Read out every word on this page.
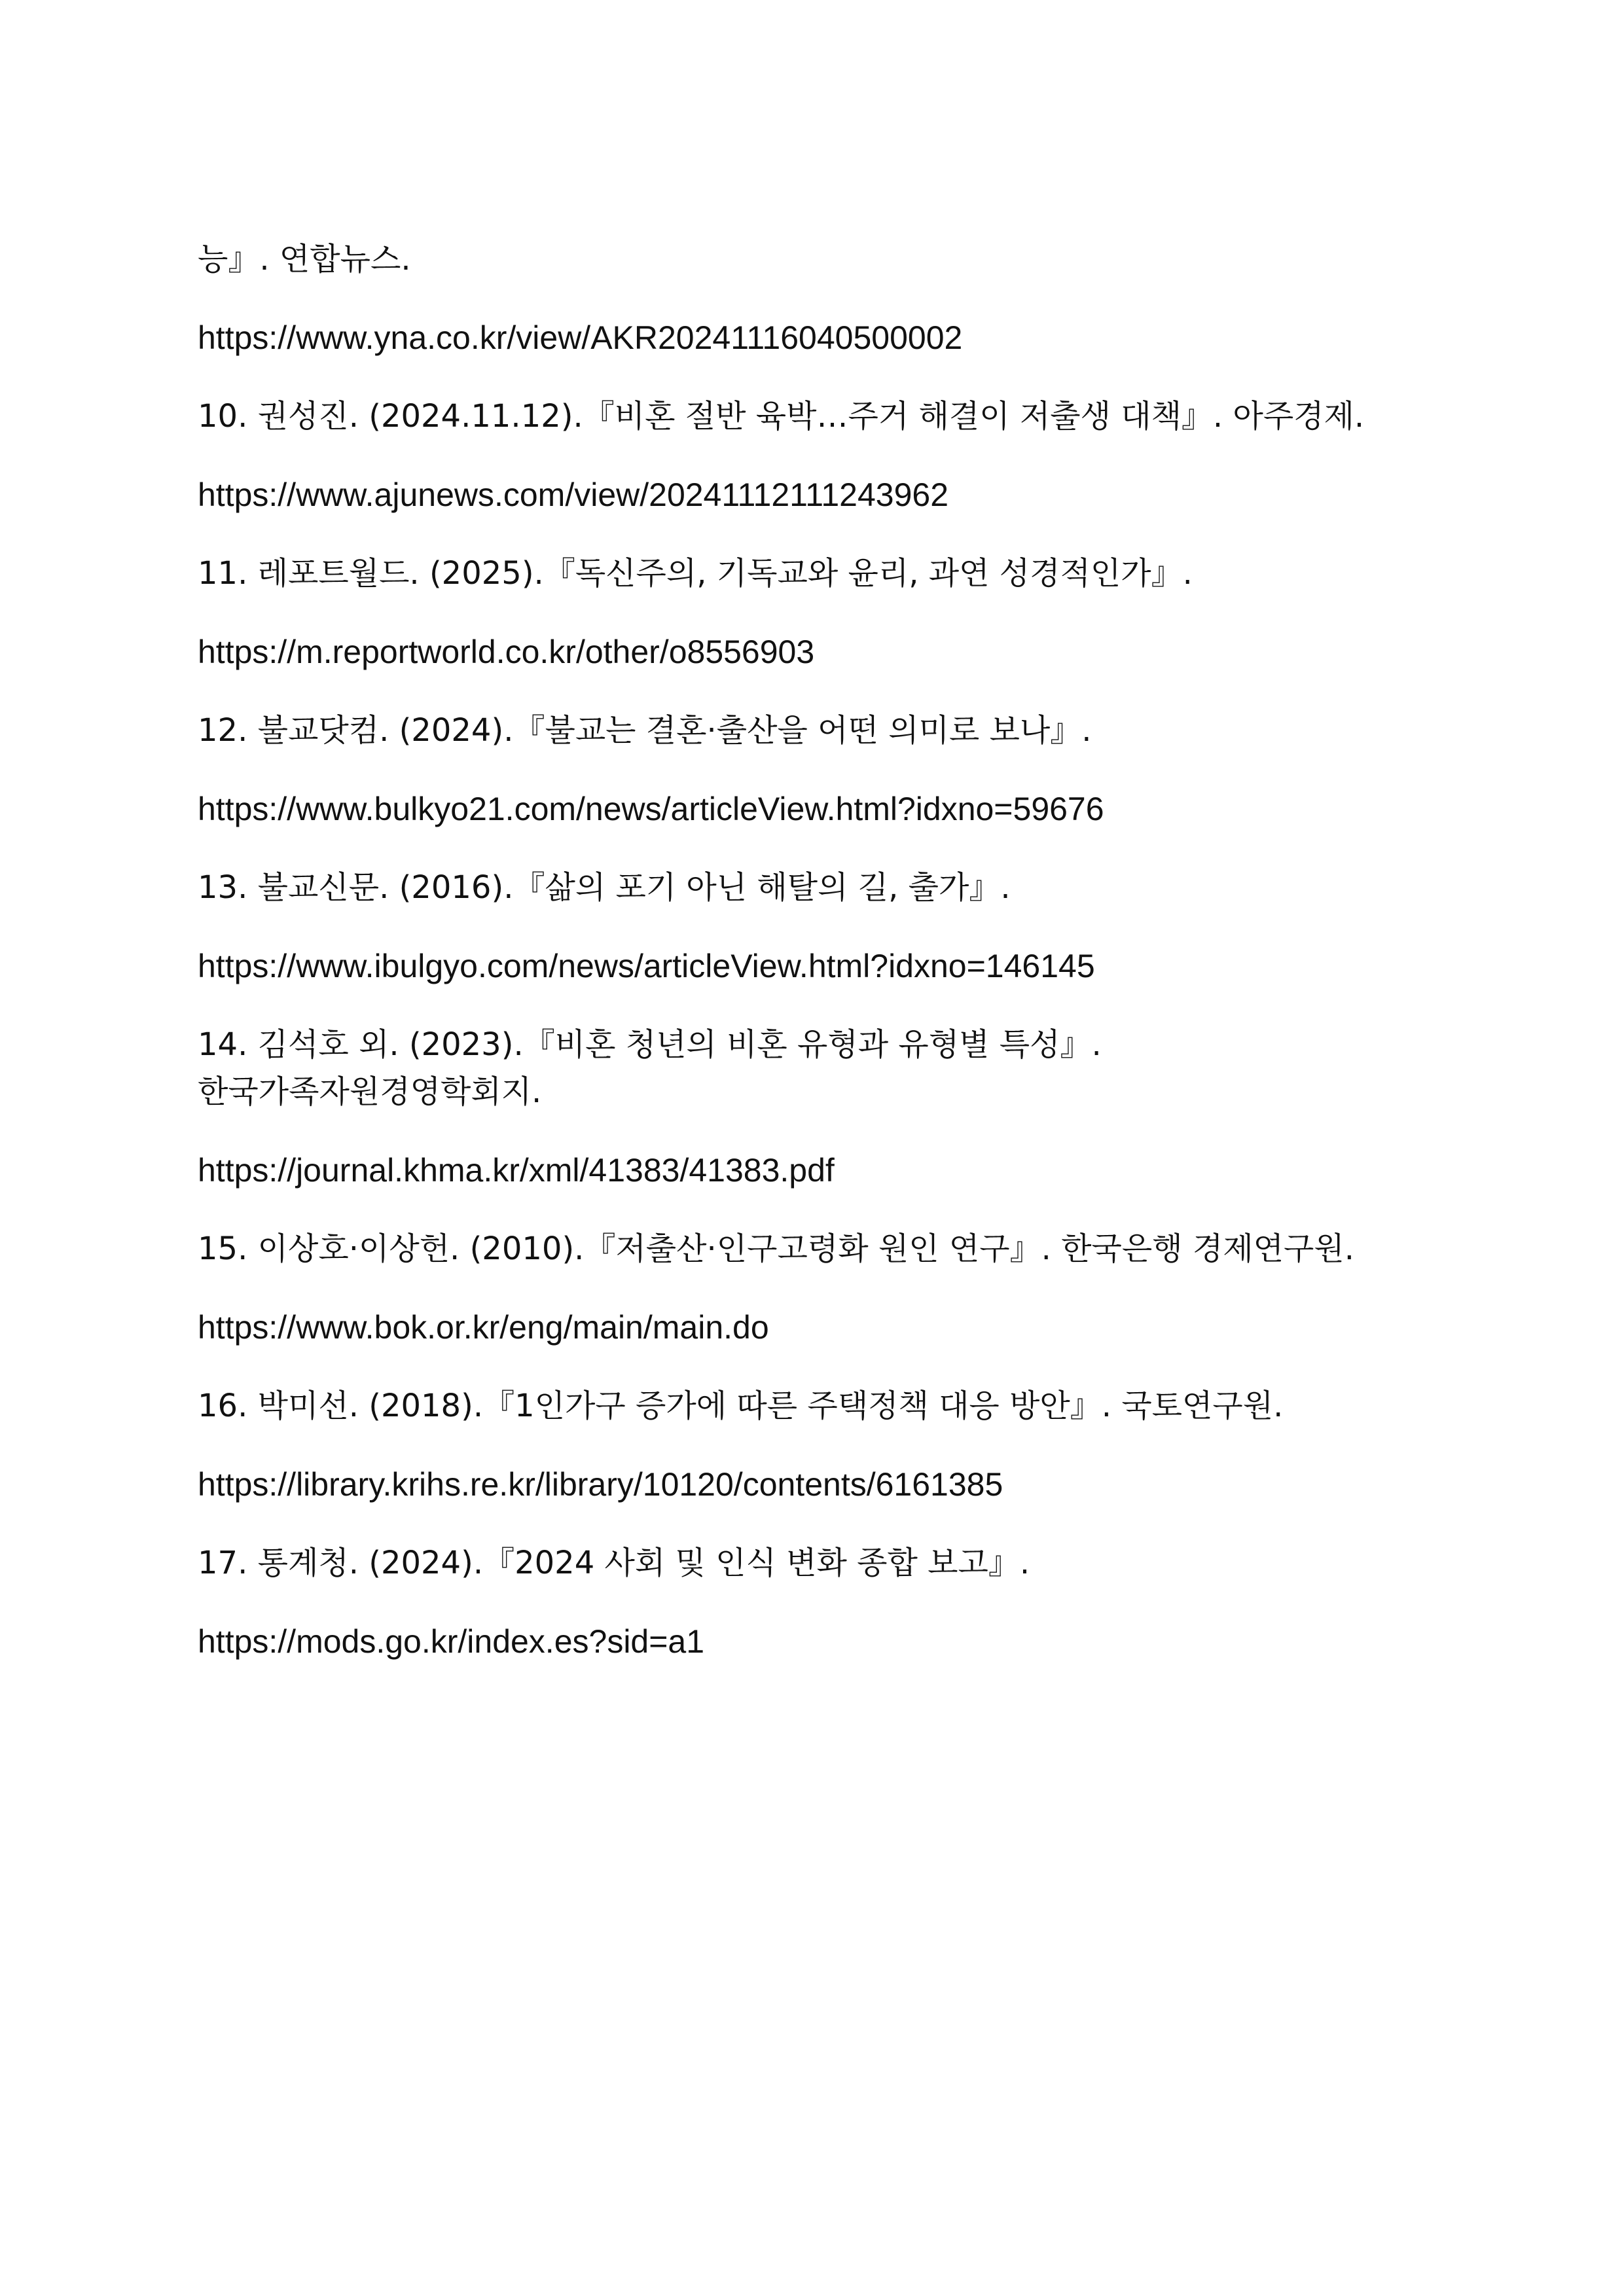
능』. 연합뉴스.
https://www.yna.co.kr/view/AKR20241116040500002
10. 권성진. (2024.11.12).『비혼 절반 육박…주거 해결이 저출생 대책』. 아주경제.
https://www.ajunews.com/view/20241112111243962
11. 레포트월드. (2025).『독신주의, 기독교와 윤리, 과연 성경적인가』.
https://m.reportworld.co.kr/other/o8556903
12. 불교닷컴. (2024).『불교는 결혼·출산을 어떤 의미로 보나』.
https://www.bulkyo21.com/news/articleView.html?idxno=59676
13. 불교신문. (2016).『삶의 포기 아닌 해탈의 길, 출가』.
https://www.ibulgyo.com/news/articleView.html?idxno=146145
14. 김석호 외. (2023).『비혼 청년의 비혼 유형과 유형별 특성』. 한국가족자원경영학회지.
https://journal.khma.kr/xml/41383/41383.pdf
15. 이상호·이상헌. (2010).『저출산·인구고령화 원인 연구』. 한국은행 경제연구원.
https://www.bok.or.kr/eng/main/main.do
16. 박미선. (2018).『1인가구 증가에 따른 주택정책 대응 방안』. 국토연구원.
https://library.krihs.re.kr/library/10120/contents/6161385
17. 통계청. (2024).『2024 사회 및 인식 변화 종합 보고』.
https://mods.go.kr/index.es?sid=a1
